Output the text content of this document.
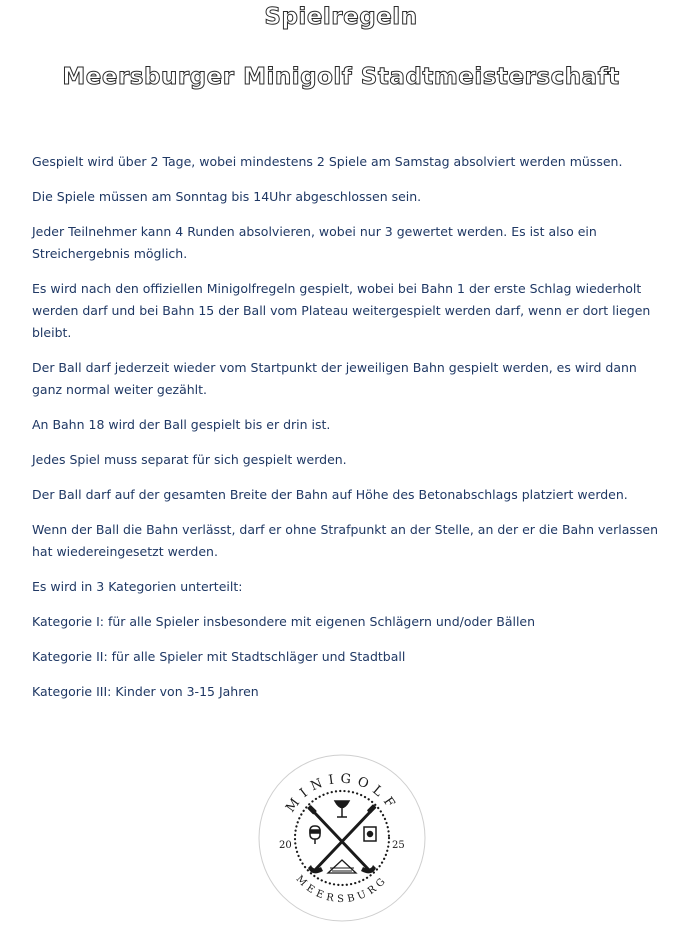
Spielregeln
Meersburger Minigolf Stadtmeisterschaft
Gespielt wird über 2 Tage, wobei mindestens 2 Spiele am Samstag absolviert werden müssen.
Die Spiele müssen am Sonntag bis 14Uhr abgeschlossen sein.
Jeder Teilnehmer kann 4 Runden absolvieren, wobei nur 3 gewertet werden. Es ist also ein Streichergebnis möglich.
Es wird nach den offiziellen Minigolfregeln gespielt, wobei bei Bahn 1 der erste Schlag wiederholt werden darf und bei Bahn 15 der Ball vom Plateau weitergespielt werden darf, wenn er dort liegen bleibt.
Der Ball darf jederzeit wieder vom Startpunkt der jeweiligen Bahn gespielt werden, es wird dann ganz normal weiter gezählt.
An Bahn 18 wird der Ball gespielt bis er drin ist.
Jedes Spiel muss separat für sich gespielt werden.
Der Ball darf auf der gesamten Breite der Bahn auf Höhe des Betonabschlags platziert werden.
Wenn der Ball die Bahn verlässt, darf er ohne Strafpunkt an der Stelle, an der er die Bahn verlassen hat wiedereingesetzt werden.
Es wird in 3 Kategorien unterteilt:
Kategorie I: für alle Spieler insbesondere mit eigenen Schlägern und/oder Bällen
Kategorie II: für alle Spieler mit Stadtschläger und Stadtball
Kategorie III: Kinder von 3-15 Jahren
MINIGOLF
MEERSBURG
20	25
